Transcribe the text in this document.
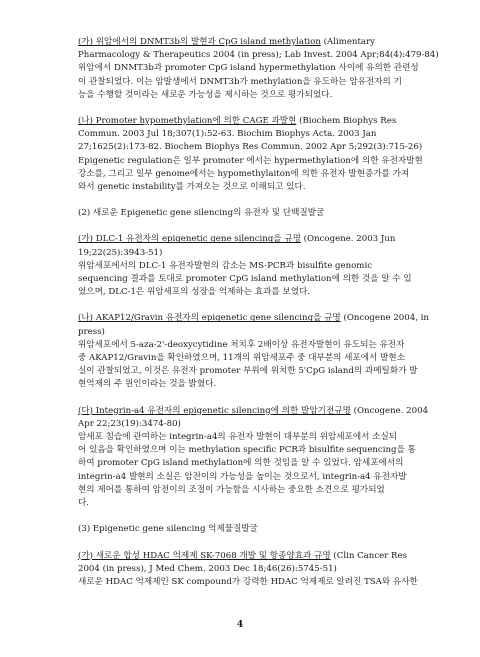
(가) 위암에서의 DNMT3b의 발현과 CpG island methylation (Alimentary
Pharmacology & Therapeutics 2004 (in press); Lab Invest. 2004 Apr;84(4):479-84)
위암에서 DNMT3b과 promoter CpG island hypermethylation 사이에 유의한 관련성
이 관찰되었다. 이는 암발생에서 DNMT3b가 methylation을 유도하는 암유전자의 기
능을 수행할 것이라는 새로운 가능성을 제시하는 것으로 평가되었다.
(나) Promoter hypomethylation에 의한 CAGE 과발현 (Biochem Biophys Res
Commun. 2003 Jul 18;307(1):52-63. Biochim Biophys Acta. 2003 Jan
27;1625(2):173-82. Biochem Biophys Res Commun. 2002 Apr 5;292(3):715-26)
Epigenetic regulation은 일부 promoter 에서는 hypermethylation에 의한 유전자발현
강소를, 그리고 일부 genome에서는 hypomethylaiton에 의한 유전자 발현증가를 가져
와서 genetic instability를 가져오는 것으로 이해되고 있다.
(2) 새로운 Epigenetic gene silencing의 유전자 및 단백질발굴
(가) DLC-1 유전자의 epigenetic gene silencing을 규명 (Oncogene. 2003 Jun
19;22(25):3943-51)
위암세포에서의 DLC-1 유전자발현의 감소는 MS-PCR과 bisulfite genomic
sequencing 결과를 토대로 promoter CpG island methylation에 의한 것을 알 수 있
었으며, DLC-1은 위암세포의 성장을 억제하는 효과를 보였다.
(나) AKAP12/Gravin 유전자의 epigenetic gene silencing을 규명 (Oncogene 2004, in
press)
위암세포에서 5-aza-2'-deoxycytidine 처치후 2배이상 유전자발현이 유도되는 유전자
중 AKAP12/Gravin을 확인하였으며, 11개의 위암세포주 중 대부분의 세포에서 발현소
실이 관찰되었고, 이것은 유전자 promoter 부위에 위치한 5'CpG island의 과메틸화가 발
현억제의 주 원인이라는 것을 밝혔다.
(다) Integrin-a4 유전자의 epigenetic silencing에 의한 발암기전규명 (Oncogene. 2004
Apr 22;23(19):3474-80)
암세포 침습에 관여하는 integrin-a4의 유전자 발현이 대부분의 위암세포에서 소실되
어 있음을 확인하였으며 이는 methylation specific PCR과 bisulfite sequencing을 통
하여 promoter CpG island methylation에 의한 것임을 알 수 있었다. 암세포에서의
integrin-a4 발현의 소실은 암전이의 가능성을 높이는 것으로서, integrin-a4 유전자발
현의 제어를 통하여 암전이의 조절이 가능함을 시사하는 중요한 소견으로 평가되었
다.
(3) Epigenetic gene silencing 억제물질발굴
(가) 새로운 합성 HDAC 억제제 SK-7068 개발 및 항종양효과 규명 (Clin Cancer Res
2004 (in press), J Med Chem. 2003 Dec 18;46(26):5745-51)
새로운 HDAC 억제제인 SK compound가 강력한 HDAC 억제제로 알려진 TSA와 유사한
4
